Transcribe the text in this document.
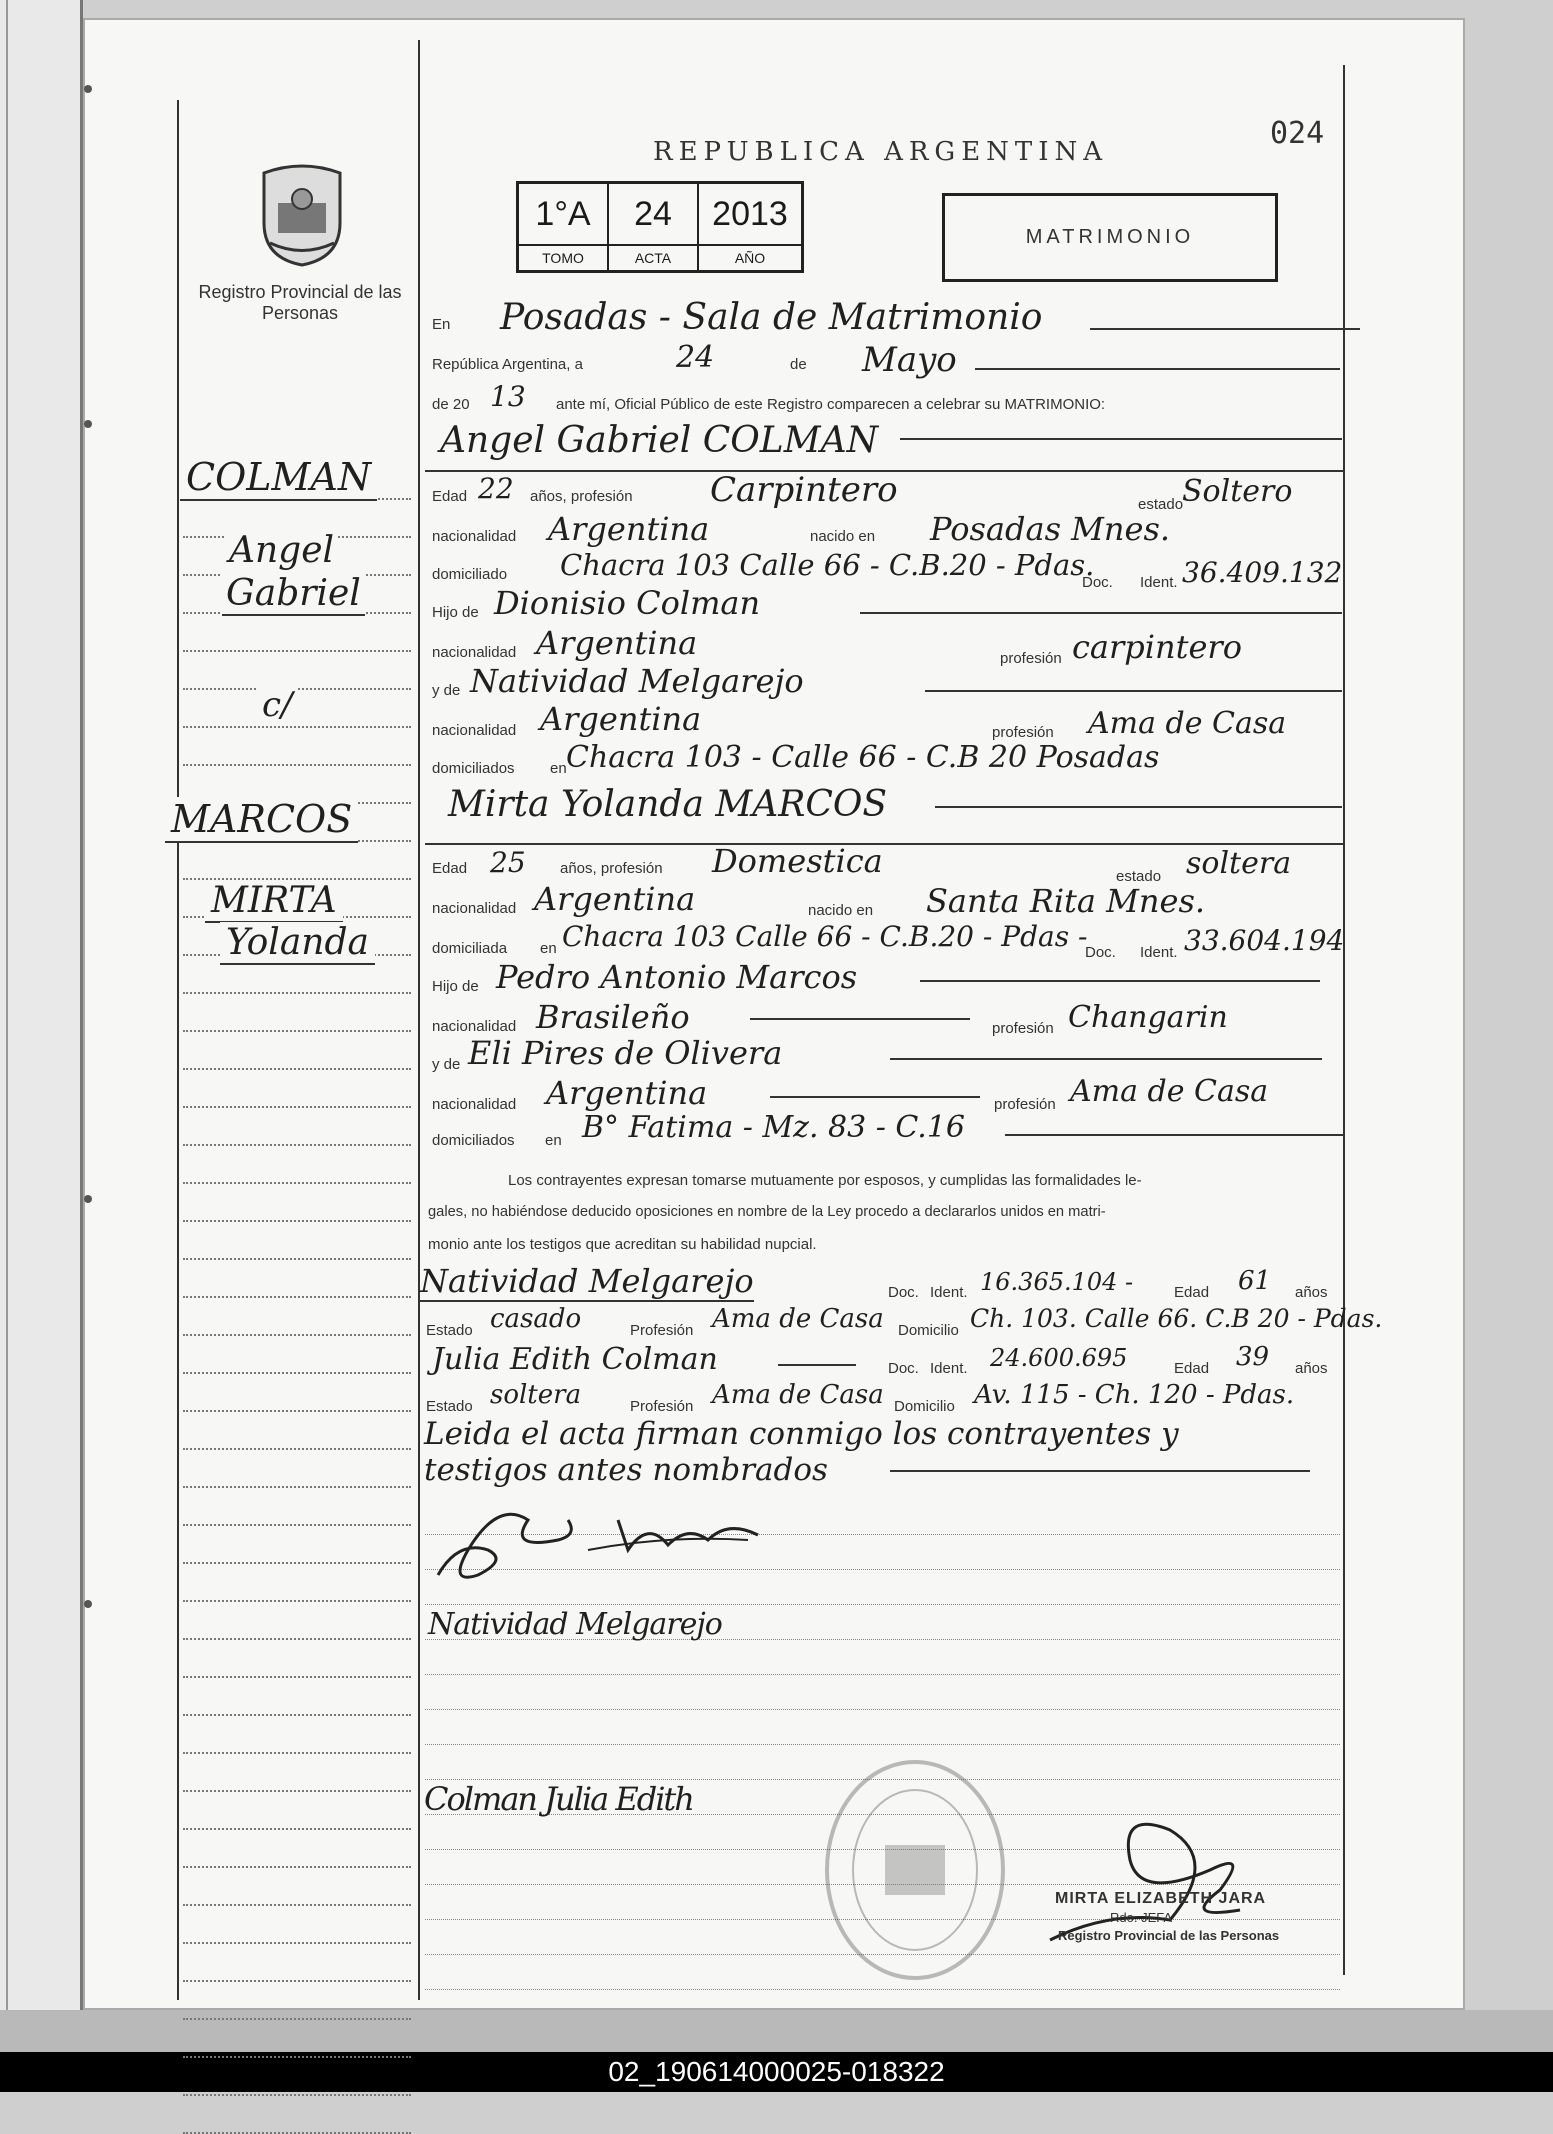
02_190614000025-018322
Registro Provincial de las Personas
REPUBLICA ARGENTINA
024
MATRIMONIO
1°A	24	2013
TOMO	ACTA	AÑO
COLMAN
Angel
Gabriel
c/
MARCOS
MIRTA
Yolanda
En Posadas - Sala de Matrimonio
República Argentina, a	24	de Mayo
de 20 13 ante mí, Oficial Público de este Registro comparecen a celebrar su MATRIMONIO:
Angel Gabriel COLMAN
Edad 22 años, profesión Carpintero	estado
Soltero
nacionalidad Argentina	nacido en Posadas Mnes.
domiciliado Chacra 103 Calle 66 - C.B.20 - Pdas.
Doc. Ident. 36.409.132
Hijo de Dionisio Colman
nacionalidad Argentina	profesión carpintero
y de Natividad Melgarejo
nacionalidad Argentina	profesión Ama de Casa
domiciliados en Chacra 103 - Calle 66 - C.B 20 Posadas
Mirta Yolanda MARCOS
Edad 25 años, profesión Domestica	estado soltera
nacionalidad Argentina	nacido en Santa Rita Mnes.
domiciliada en Chacra 103 Calle 66 - C.B.20 - Pdas -
Doc. Ident. 33.604.194
Hijo de Pedro Antonio Marcos
nacionalidad Brasileño	profesión Changarin
y de Eli Pires de Olivera
nacionalidad Argentina	profesión Ama de Casa
domiciliados en B° Fatima - Mz. 83 - C.16
Los contrayentes expresan tomarse mutuamente por esposos, y cumplidas las formalidades le-
gales, no habiéndose deducido oposiciones en nombre de la Ley procedo a declararlos unidos en matri-
monio ante los testigos que acreditan su habilidad nupcial.
Natividad Melgarejo	Doc. Ident. 16.365.104 -	Edad 61 años
Estado casado	Profesión Ama de Casa Domicilio Ch. 103. Calle 66. C.B 20 - Pdas.
Julia Edith Colman	Doc. Ident. 24.600.695	Edad 39 años
Estado soltera	Profesión Ama de Casa Domicilio Av. 115 - Ch. 120 - Pdas.
Leida el acta firman conmigo los contrayentes y
testigos antes nombrados
Natividad Melgarejo
Colman Julia Edith
MIRTA ELIZABETH JARA
Rdo. JEFA
Registro Provincial de las Personas
